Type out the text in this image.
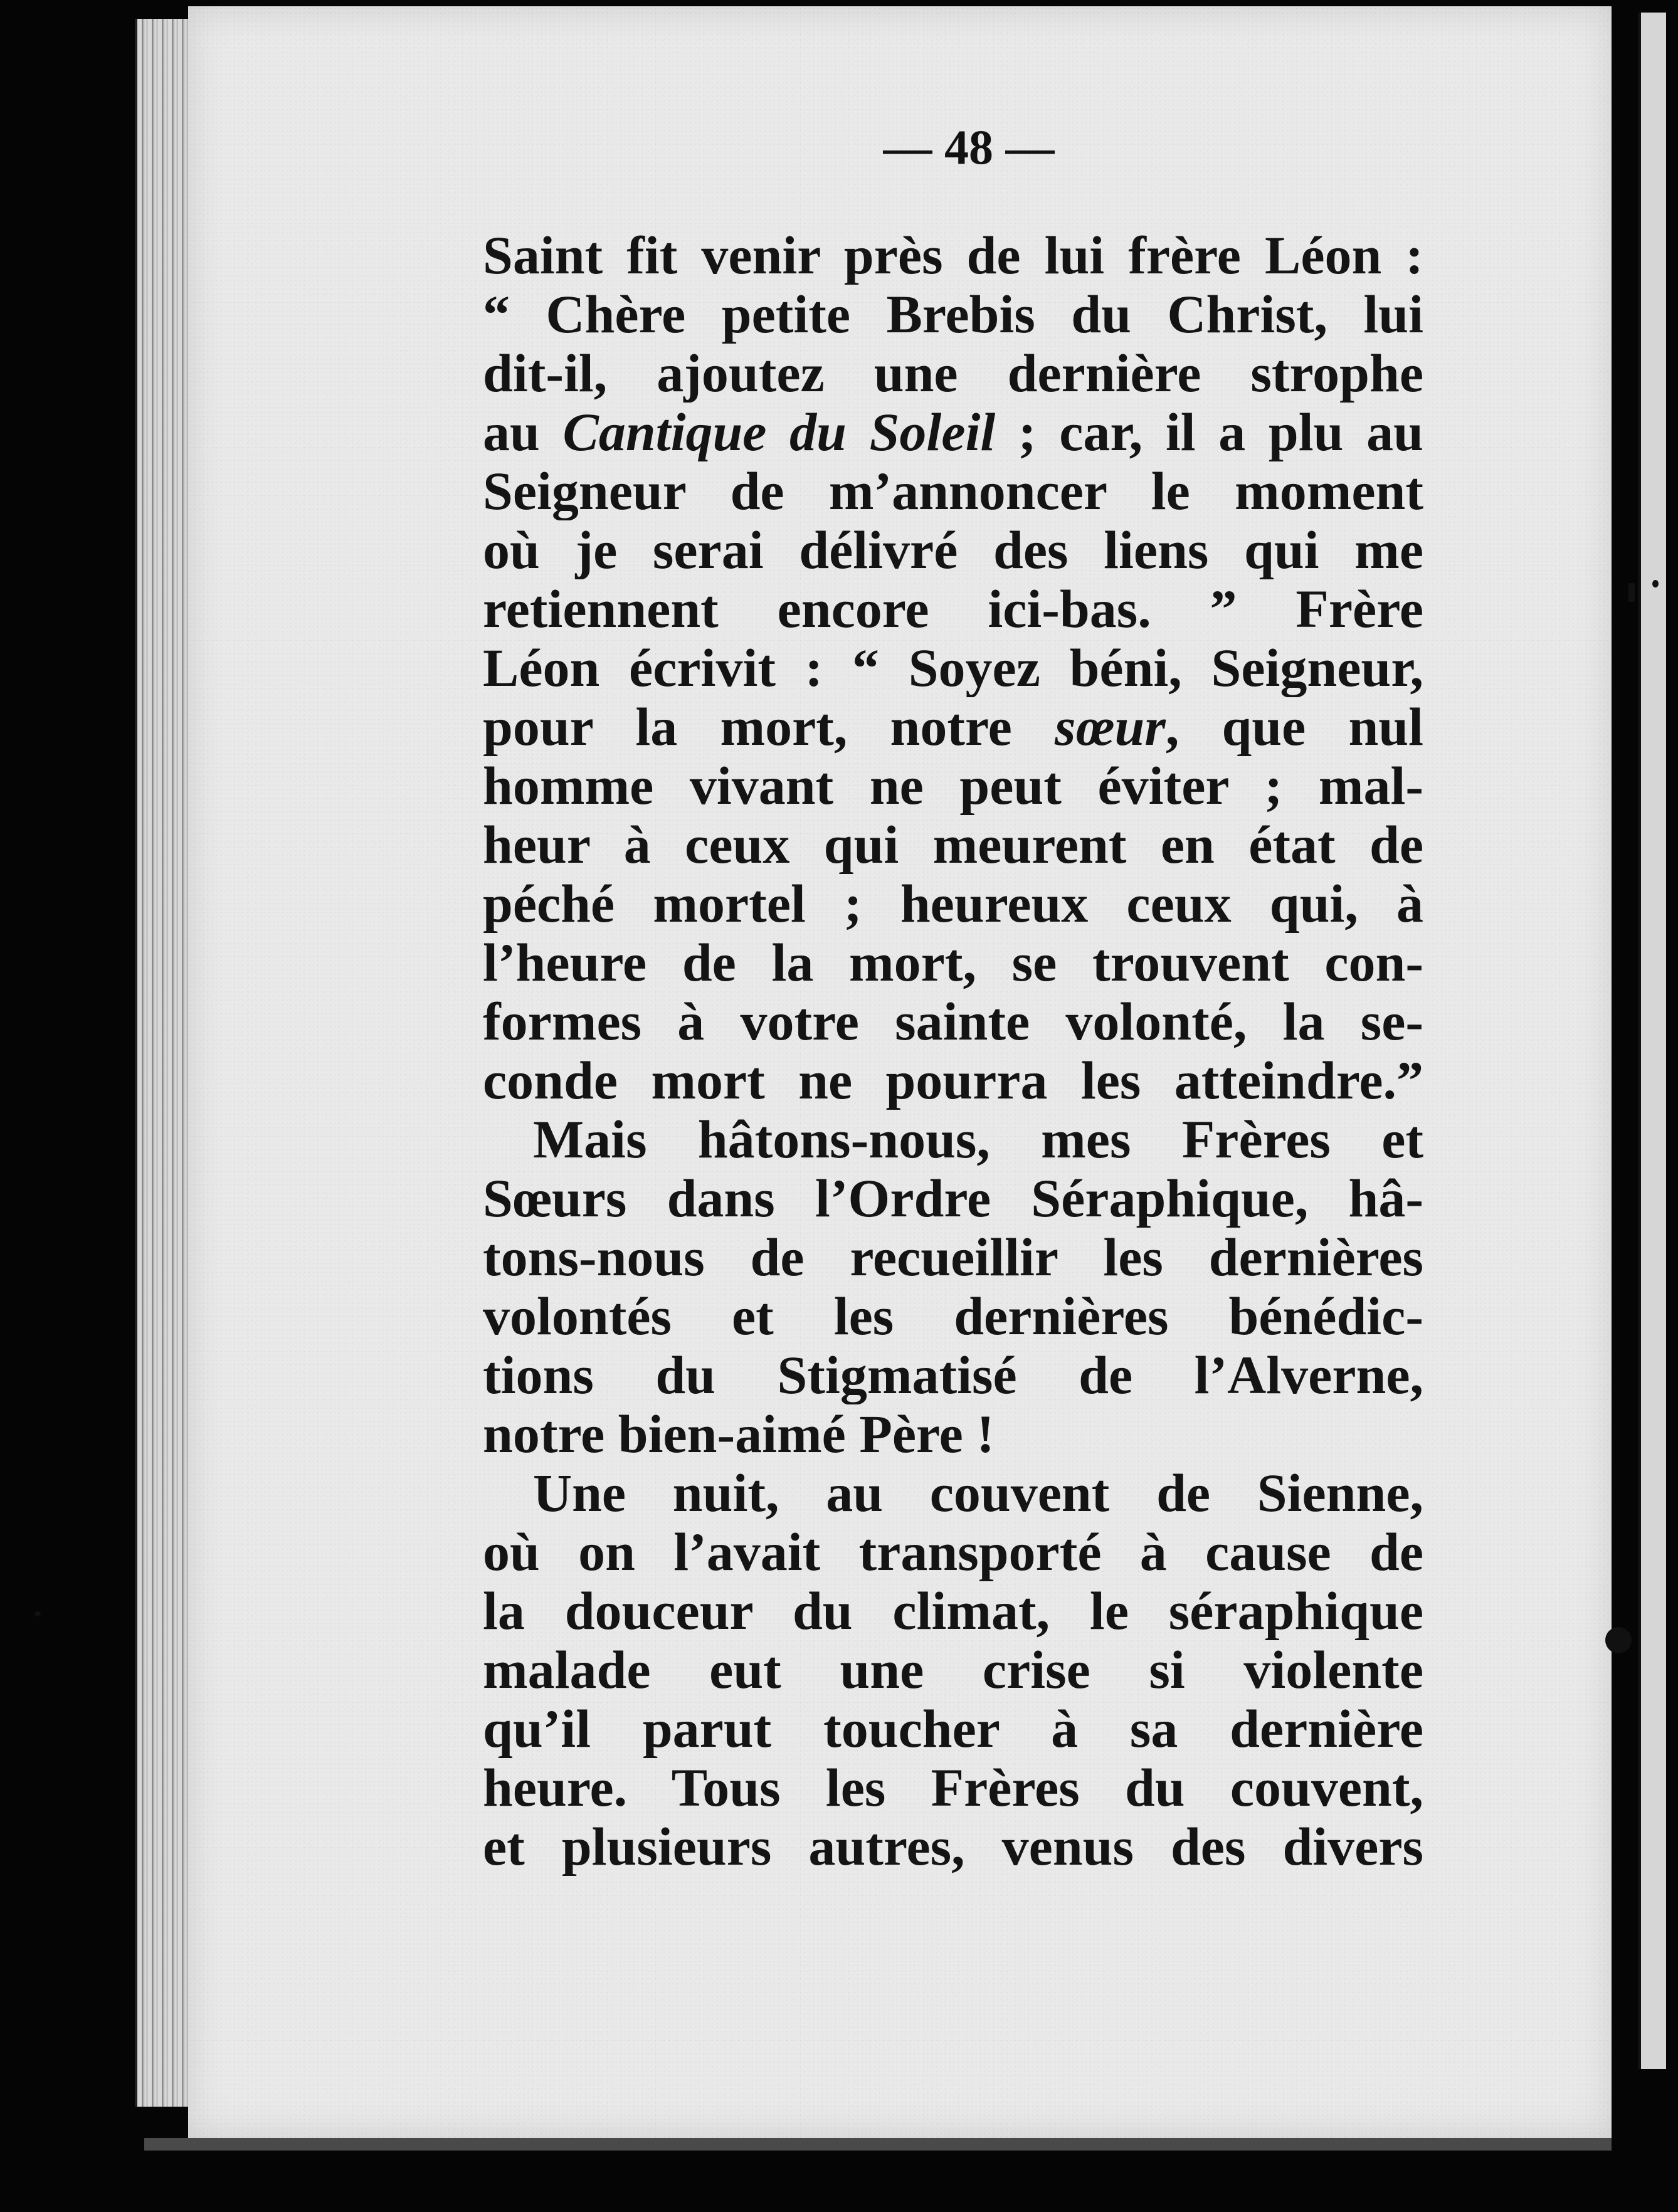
— 48 —
Saint fit venir près de lui frère Léon :
“ Chère petite Brebis du Christ, lui
dit-il, ajoutez une dernière strophe
au Cantique du Soleil ; car, il a plu au
Seigneur de m’annoncer le moment
où je serai délivré des liens qui me
retiennent encore ici-bas. ” Frère
Léon écrivit : “ Soyez béni, Seigneur,
pour la mort, notre sœur, que nul
homme vivant ne peut éviter ; mal-
heur à ceux qui meurent en état de
péché mortel ; heureux ceux qui, à
l’heure de la mort, se trouvent con-
formes à votre sainte volonté, la se-
conde mort ne pourra les atteindre.”
Mais hâtons-nous, mes Frères et
Sœurs dans l’Ordre Séraphique, hâ-
tons-nous de recueillir les dernières
volontés et les dernières bénédic-
tions du Stigmatisé de l’Alverne,
notre bien-aimé Père !
Une nuit, au couvent de Sienne,
où on l’avait transporté à cause de
la douceur du climat, le séraphique
malade eut une crise si violente
qu’il parut toucher à sa dernière
heure. Tous les Frères du couvent,
et plusieurs autres, venus des divers
